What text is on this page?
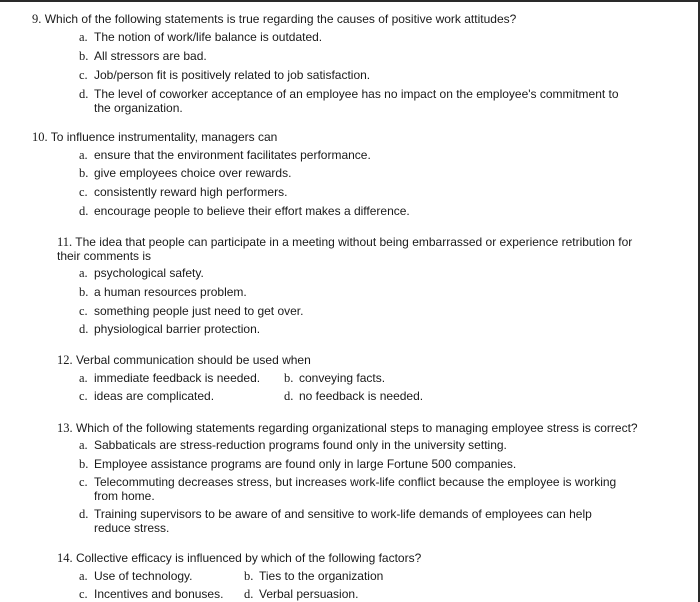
9. Which of the following statements is true regarding the causes of positive work attitudes?
a. The notion of work/life balance is outdated.
b. All stressors are bad.
c. Job/person fit is positively related to job satisfaction.
d. The level of coworker acceptance of an employee has no impact on the employee's commitment to
the organization.
10. To influence instrumentality, managers can
a. ensure that the environment facilitates performance.
b. give employees choice over rewards.
c. consistently reward high performers.
d. encourage people to believe their effort makes a difference.
11. The idea that people can participate in a meeting without being embarrassed or experience retribution for
their comments is
a. psychological safety.
b. a human resources problem.
c. something people just need to get over.
d. physiological barrier protection.
12. Verbal communication should be used when
a. immediate feedback is needed. b. conveying facts.
c. ideas are complicated.	d. no feedback is needed.
13. Which of the following statements regarding organizational steps to managing employee stress is correct?
a. Sabbaticals are stress-reduction programs found only in the university setting.
b. Employee assistance programs are found only in large Fortune 500 companies.
c. Telecommuting decreases stress, but increases work-life conflict because the employee is working
from home.
d. Training supervisors to be aware of and sensitive to work-life demands of employees can help
reduce stress.
14. Collective efficacy is influenced by which of the following factors?
a. Use of technology.	b. Ties to the organization
c. Incentives and bonuses. d. Verbal persuasion.
